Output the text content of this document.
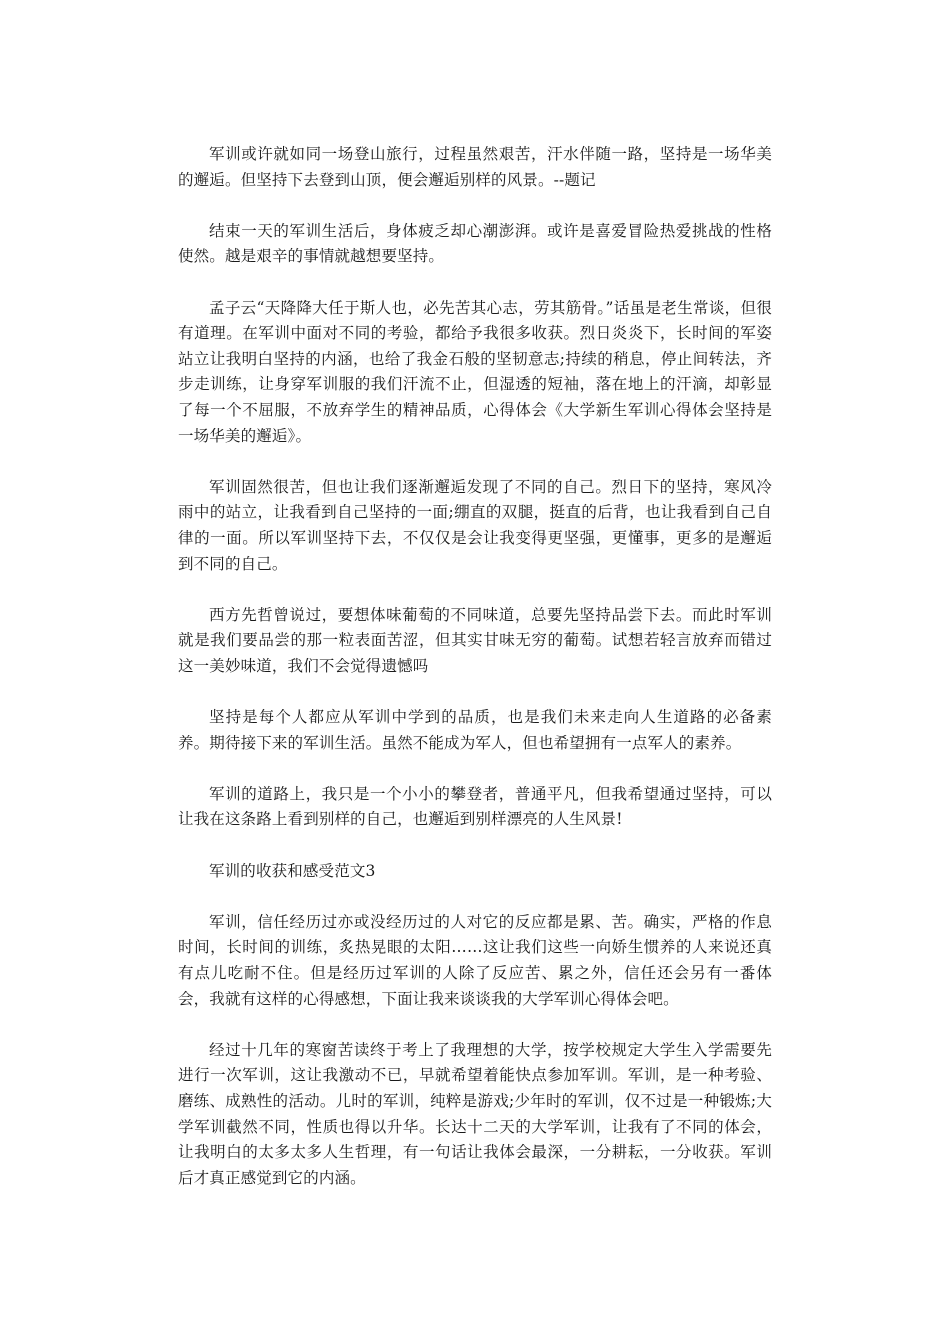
军训或许就如同一场登山旅行，过程虽然艰苦，汗水伴随一路，坚持是一场华美的邂逅。但坚持下去登到山顶，便会邂逅别样的风景。--题记

结束一天的军训生活后，身体疲乏却心潮澎湃。或许是喜爱冒险热爱挑战的性格使然。越是艰辛的事情就越想要坚持。

孟子云“天降降大任于斯人也，必先苦其心志，劳其筋骨。”话虽是老生常谈，但很有道理。在军训中面对不同的考验，都给予我很多收获。烈日炎炎下，长时间的军姿站立让我明白坚持的内涵，也给了我金石般的坚韧意志;持续的稍息，停止间转法，齐步走训练，让身穿军训服的我们汗流不止，但湿透的短袖，落在地上的汗滴，却彰显了每一个不屈服，不放弃学生的精神品质，心得体会《大学新生军训心得体会坚持是一场华美的邂逅》。

军训固然很苦，但也让我们逐渐邂逅发现了不同的自己。烈日下的坚持，寒风冷雨中的站立，让我看到自己坚持的一面;绷直的双腿，挺直的后背，也让我看到自己自律的一面。所以军训坚持下去，不仅仅是会让我变得更坚强，更懂事，更多的是邂逅到不同的自己。

西方先哲曾说过，要想体味葡萄的不同味道，总要先坚持品尝下去。而此时军训就是我们要品尝的那一粒表面苦涩，但其实甘味无穷的葡萄。试想若轻言放弃而错过这一美妙味道，我们不会觉得遗憾吗

坚持是每个人都应从军训中学到的品质，也是我们未来走向人生道路的必备素养。期待接下来的军训生活。虽然不能成为军人，但也希望拥有一点军人的素养。

军训的道路上，我只是一个小小的攀登者，普通平凡，但我希望通过坚持，可以让我在这条路上看到别样的自己，也邂逅到别样漂亮的人生风景!

军训的收获和感受范文3

军训，信任经历过亦或没经历过的人对它的反应都是累、苦。确实，严格的作息时间，长时间的训练，炙热晃眼的太阳……这让我们这些一向娇生惯养的人来说还真有点儿吃耐不住。但是经历过军训的人除了反应苦、累之外，信任还会另有一番体会，我就有这样的心得感想，下面让我来谈谈我的大学军训心得体会吧。

经过十几年的寒窗苦读终于考上了我理想的大学，按学校规定大学生入学需要先进行一次军训，这让我激动不已，早就希望着能快点参加军训。军训，是一种考验、磨练、成熟性的活动。儿时的军训，纯粹是游戏;少年时的军训，仅不过是一种锻炼;大学军训截然不同，性质也得以升华。长达十二天的大学军训，让我有了不同的体会，让我明白的太多太多人生哲理，有一句话让我体会最深，一分耕耘，一分收获。军训后才真正感觉到它的内涵。
